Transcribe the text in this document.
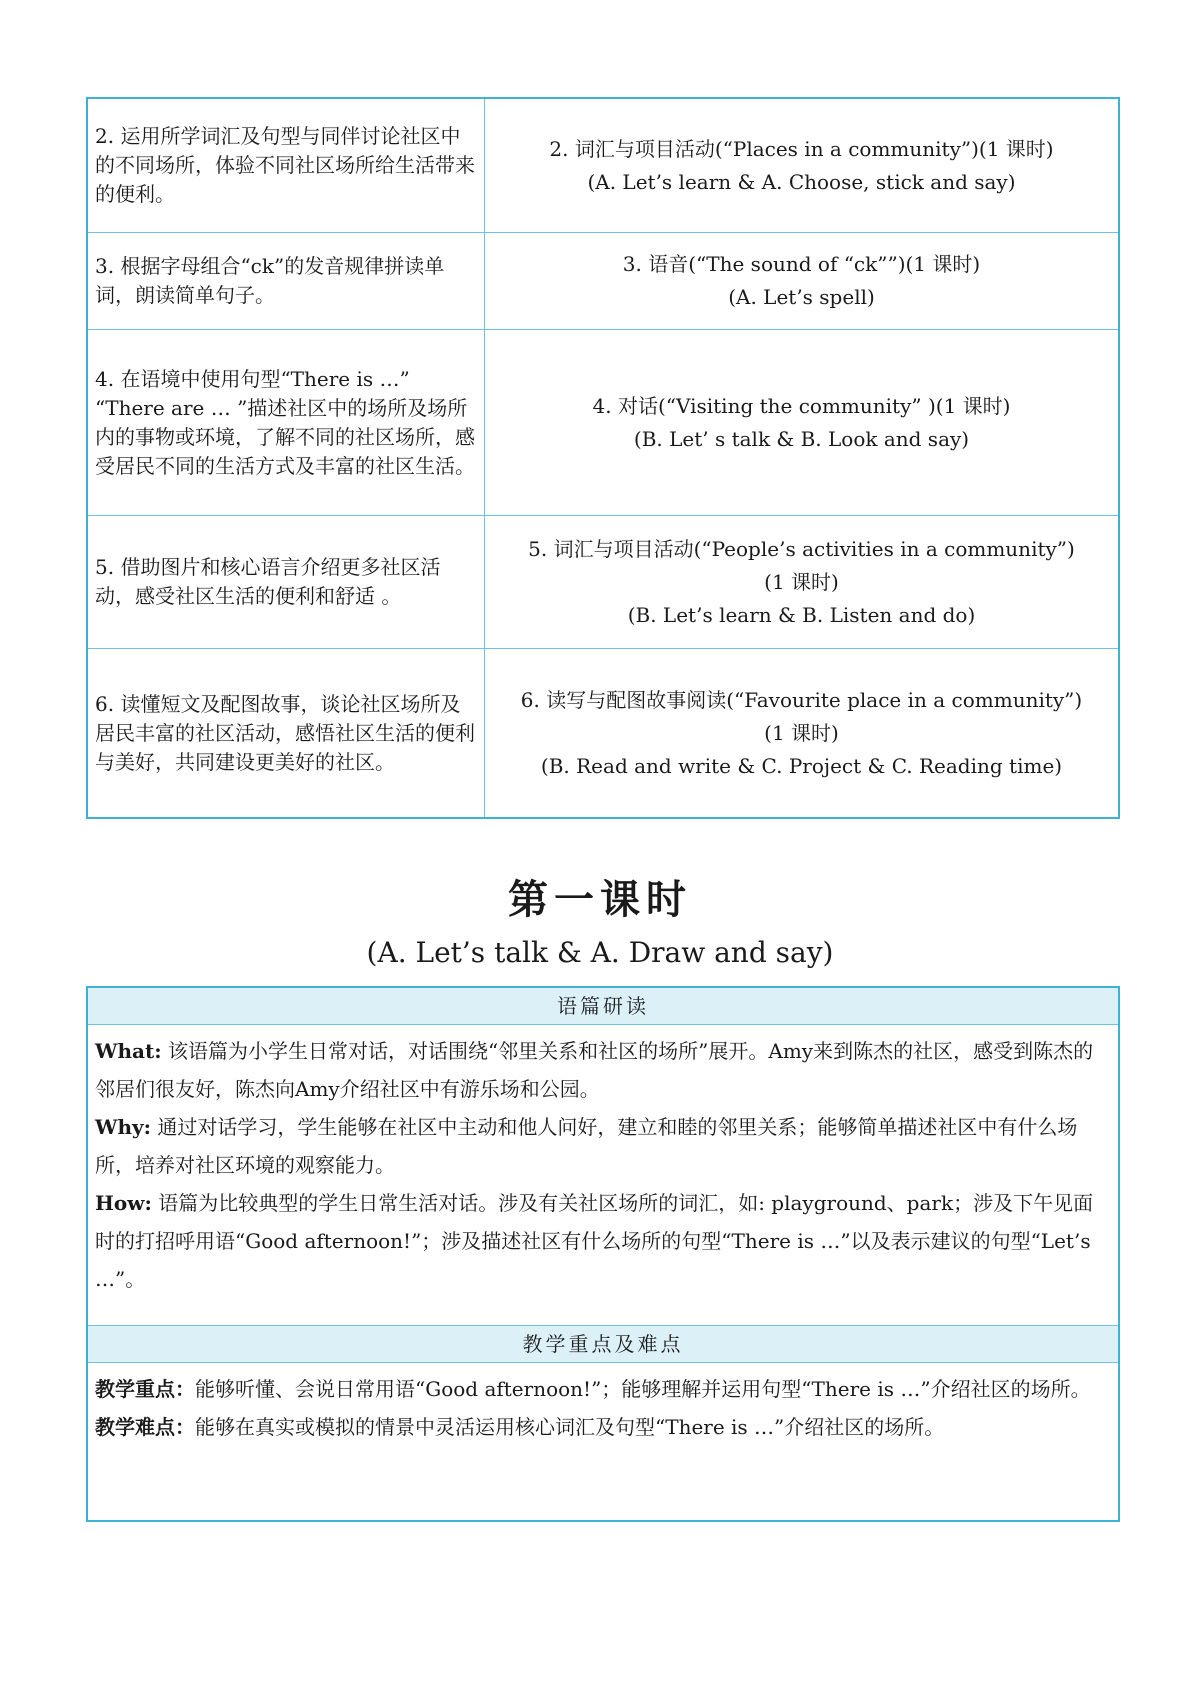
2. 运用所学词汇及句型与同伴讨论社区中的不同场所，体验不同社区场所给生活带来的便利。
2. 词汇与项目活动(“Places in a community”)(1 课时)
(A. Let’s learn & A. Choose, stick and say)
3. 根据字母组合“ck”的发音规律拼读单词，朗读简单句子。
3. 语音(“The sound of “ck””)(1 课时)
(A. Let’s spell)
4. 在语境中使用句型“There is …” “There are … ”描述社区中的场所及场所内的事物或环境，了解不同的社区场所，感受居民不同的生活方式及丰富的社区生活。
4. 对话(“Visiting the community” )(1 课时)
(B. Let’ s talk & B. Look and say)
5. 借助图片和核心语言介绍更多社区活动，感受社区生活的便利和舒适 。
5. 词汇与项目活动(“People’s activities in a community”)
(1 课时)
(B. Let’s learn & B. Listen and do)
6. 读懂短文及配图故事，谈论社区场所及居民丰富的社区活动，感悟社区生活的便利与美好，共同建设更美好的社区。
6. 读写与配图故事阅读(“Favourite place in a community”)
(1 课时)
(B. Read and write & C. Project & C. Reading time)
第一课时
(A. Let’s talk & A. Draw and say)
语篇研读

What: 该语篇为小学生日常对话，对话围绕“邻里关系和社区的场所”展开。Amy来到陈杰的社区，感受到陈杰的邻居们很友好，陈杰向Amy介绍社区中有游乐场和公园。

Why: 通过对话学习，学生能够在社区中主动和他人问好，建立和睦的邻里关系；能够简单描述社区中有什么场所，培养对社区环境的观察能力。

How: 语篇为比较典型的学生日常生活对话。涉及有关社区场所的词汇，如: playground、park；涉及下午见面时的打招呼用语“Good afternoon!”；涉及描述社区有什么场所的句型“There is …”以及表示建议的句型“Let’s …”。

教学重点及难点

教学重点：能够听懂、会说日常用语“Good afternoon!”；能够理解并运用句型“There is …”介绍社区的场所。

教学难点：能够在真实或模拟的情景中灵活运用核心词汇及句型“There is …”介绍社区的场所。
